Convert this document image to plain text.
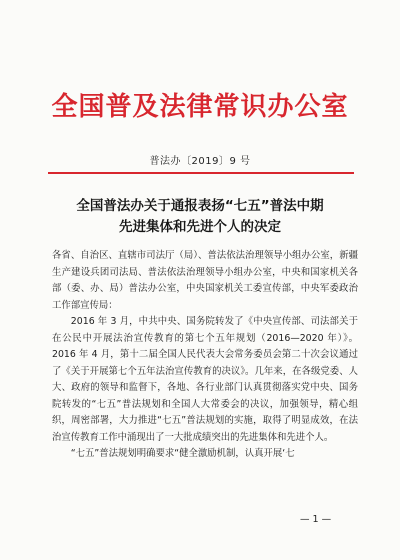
全国普及法律常识办公室
普法办〔2019〕9 号
全国普法办关于通报表扬“七五”普法中期
先进集体和先进个人的决定

各省、自治区、直辖市司法厅（局）、普法依法治理领导小组办公室，新疆生产建设兵团司法局、普法依法治理领导小组办公室，中央和国家机关各部（委、办、局）普法办公室，中央国家机关工委宣传部，中央军委政治工作部宣传局：

2016 年 3 月，中共中央、国务院转发了《中央宣传部、司法部关于在公民中开展法治宣传教育的第七个五年规划（2016—2020 年）》。2016 年 4 月，第十二届全国人民代表大会常务委员会第二十次会议通过了《关于开展第七个五年法治宣传教育的决议》。几年来，在各级党委、人大、政府的领导和监督下，各地、各行业部门认真贯彻落实党中央、国务院转发的“七五”普法规划和全国人大常委会的决议，加强领导，精心组织，周密部署，大力推进“七五”普法规划的实施，取得了明显成效，在法治宣传教育工作中涌现出了一大批成绩突出的先进集体和先进个人。

“七五”普法规划明确要求“健全激励机制，认真开展‘七

— 1 —
